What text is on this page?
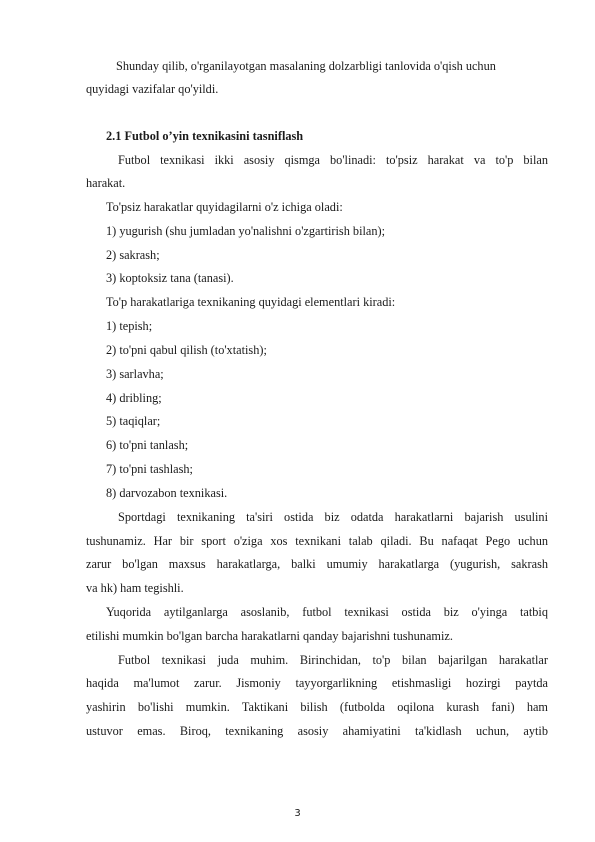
Shunday qilib, o'rganilayotgan masalaning dolzarbligi tanlovida o'qish uchun
quyidagi vazifalar qo'yildi.
2.1 Futbol o’yin texnikasini tasniflash
Futbol texnikasi ikki asosiy qismga bo'linadi: to'psiz harakat va to'p bilan
harakat.
To'psiz harakatlar quyidagilarni o'z ichiga oladi:
1) yugurish (shu jumladan yo'nalishni o'zgartirish bilan);
2) sakrash;
3) koptoksiz tana (tanasi).
To'p harakatlariga texnikaning quyidagi elementlari kiradi:
1) tepish;
2) to'pni qabul qilish (to'xtatish);
3) sarlavha;
4) dribling;
5) taqiqlar;
6) to'pni tanlash;
7) to'pni tashlash;
8) darvozabon texnikasi.
Sportdagi texnikaning ta'siri ostida biz odatda harakatlarni bajarish usulini
tushunamiz. Har bir sport o'ziga xos texnikani talab qiladi. Bu nafaqat Pego uchun
zarur bo'lgan maxsus harakatlarga, balki umumiy harakatlarga (yugurish, sakrash
va hk) ham tegishli.
Yuqorida aytilganlarga asoslanib, futbol texnikasi ostida biz o'yinga tatbiq
etilishi mumkin bo'lgan barcha harakatlarni qanday bajarishni tushunamiz.
Futbol texnikasi juda muhim. Birinchidan, to'p bilan bajarilgan harakatlar
haqida ma'lumot zarur. Jismoniy tayyorgarlikning etishmasligi hozirgi paytda
yashirin bo'lishi mumkin. Taktikani bilish (futbolda oqilona kurash fani) ham
ustuvor emas. Biroq, texnikaning asosiy ahamiyatini ta'kidlash uchun, aytib
3
